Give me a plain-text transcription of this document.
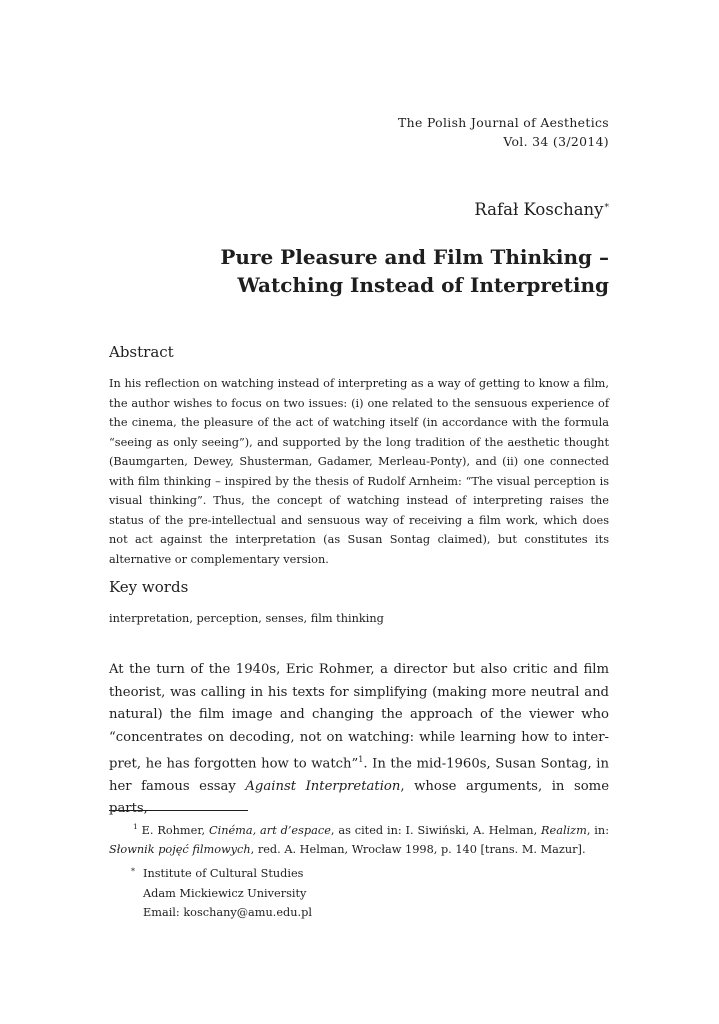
The Polish Journal of Aesthetics
Vol. 34 (3/2014)
Rafał Koschany*
Pure Pleasure and Film Thinking –
Watching Instead of Interpreting
Abstract
In his reflection on watching instead of interpreting as a way of getting to know a film, the author wishes to focus on two issues: (i) one related to the sensuous experience of the cinema, the pleasure of the act of watching itself (in accordance with the formula “seeing as only seeing”), and supported by the long tradition of the aesthetic thought (Baumgarten, Dewey, Shusterman, Gadamer, Merleau-Ponty), and (ii) one connected with film thinking – inspired by the thesis of Rudolf Arnheim: “The visual perception is visual thinking”. Thus, the concept of watching instead of interpreting raises the status of the pre-intellectual and sensuous way of receiving a film work, which does not act against the interpretation (as Susan Sontag claimed), but constitutes its alternative or complementary version.
Key words
interpretation, perception, senses, film thinking
At the turn of the 1940s, Eric Rohmer, a director but also critic and film theorist, was calling in his texts for simplifying (making more neutral and natural) the film image and changing the approach of the viewer who “concentrates on decoding, not on watching: while learning how to inter-pret, he has forgotten how to watch”$^1$. In the mid-1960s, Susan Sontag, in her famous essay Against Interpretation, whose arguments, in some parts,
$^1$ E. Rohmer, Cinéma, art d’espace, as cited in: I. Siwiński, A. Helman, Realizm, in: Słownik pojęć filmowych, red. A. Helman, Wrocław 1998, p. 140 [trans. M. Mazur].
* Institute of Cultural Studies
Adam Mickiewicz University
Email: koschany@amu.edu.pl
